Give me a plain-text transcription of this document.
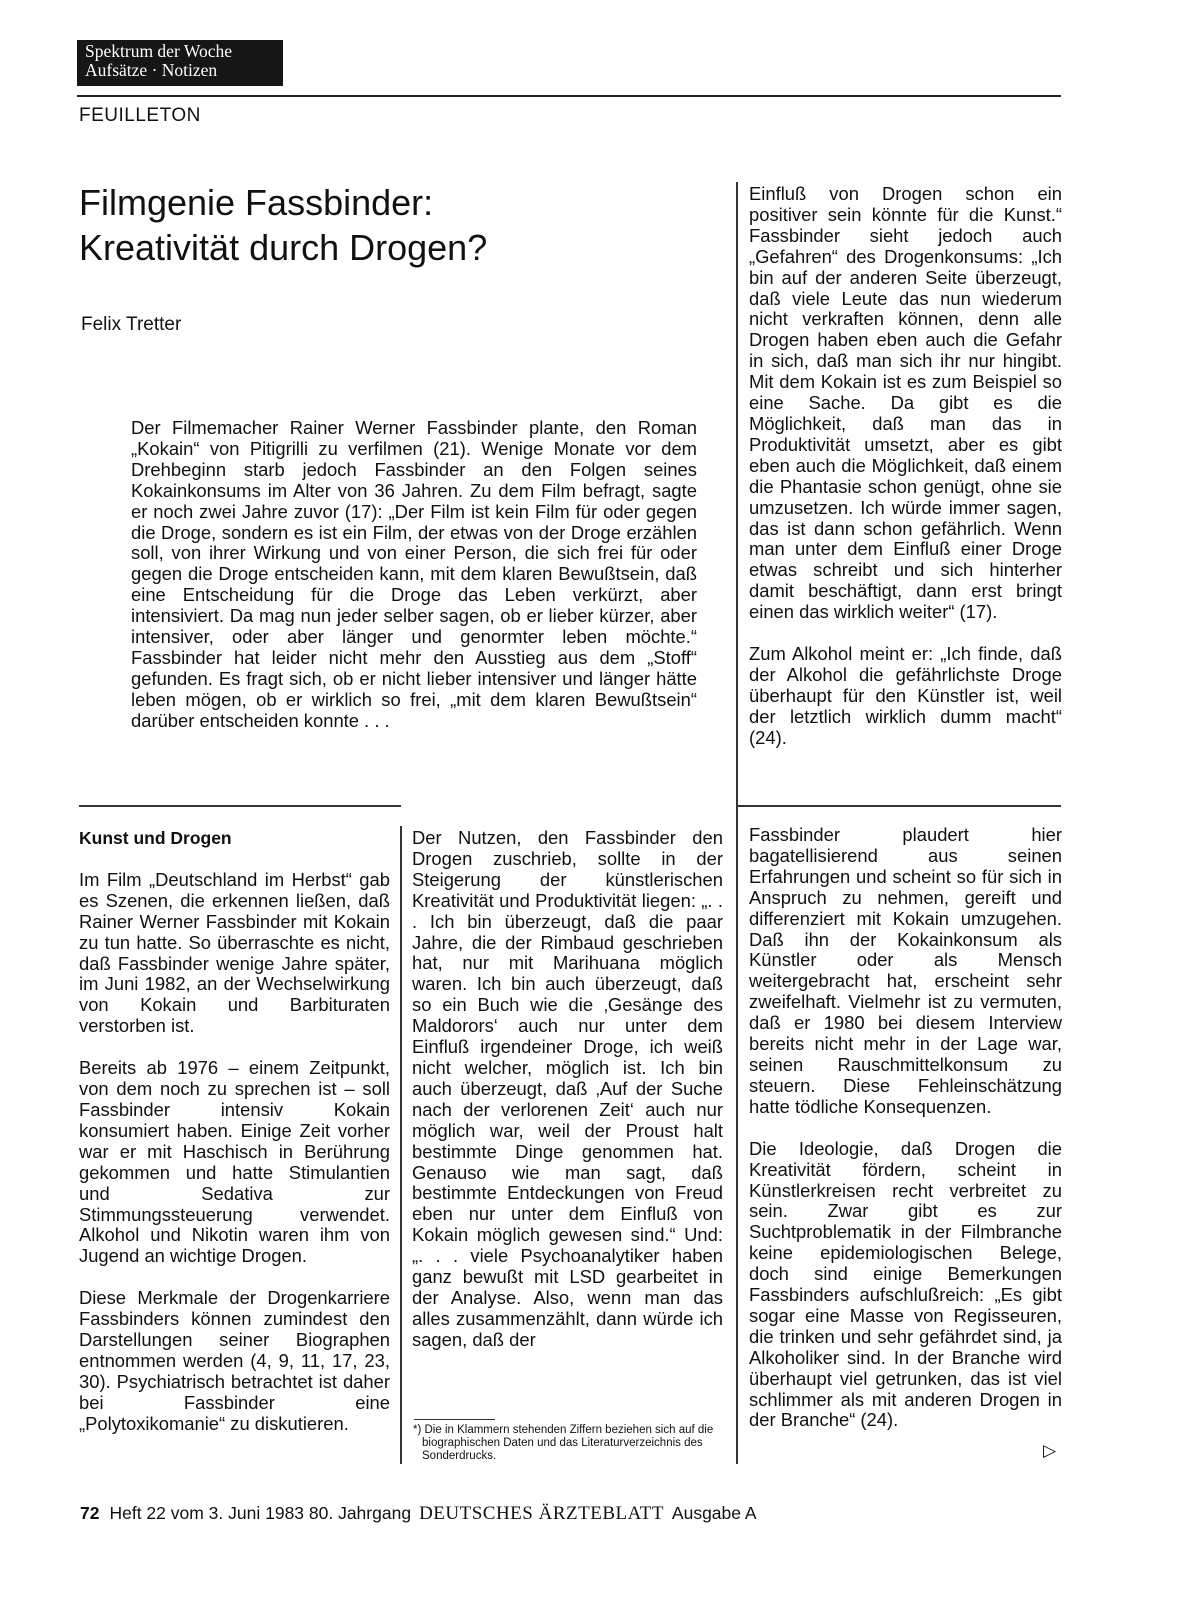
Spektrum der Woche
Aufsätze · Notizen
FEUILLETON
Filmgenie Fassbinder:
Kreativität durch Drogen?
Felix Tretter

Der Filmemacher Rainer Werner Fassbinder plante, den Roman „Kokain“ von Pitigrilli zu verfilmen (21). Wenige Monate vor dem Drehbeginn starb jedoch Fassbinder an den Folgen seines Kokainkonsums im Alter von 36 Jahren. Zu dem Film befragt, sagte er noch zwei Jahre zuvor (17): „Der Film ist kein Film für oder gegen die Droge, sondern es ist ein Film, der etwas von der Droge erzählen soll, von ihrer Wirkung und von einer Person, die sich frei für oder gegen die Droge entscheiden kann, mit dem klaren Bewußtsein, daß eine Entscheidung für die Droge das Leben verkürzt, aber intensiviert. Da mag nun jeder selber sagen, ob er lieber kürzer, aber intensiver, oder aber länger und genormter leben möchte.“ Fassbinder hat leider nicht mehr den Ausstieg aus dem „Stoff“ gefunden. Es fragt sich, ob er nicht lieber intensiver und länger hätte leben mögen, ob er wirklich so frei, „mit dem klaren Bewußtsein“ darüber entscheiden konnte . . .

Kunst und Drogen

Im Film „Deutschland im Herbst“ gab es Szenen, die erkennen ließen, daß Rainer Werner Fassbinder mit Kokain zu tun hatte. So überraschte es nicht, daß Fassbinder wenige Jahre später, im Juni 1982, an der Wechselwirkung von Kokain und Barbituraten verstorben ist.

Bereits ab 1976 – einem Zeitpunkt, von dem noch zu sprechen ist – soll Fassbinder intensiv Kokain konsumiert haben. Einige Zeit vorher war er mit Haschisch in Berührung gekommen und hatte Stimulantien und Sedativa zur Stimmungssteuerung verwendet. Alkohol und Nikotin waren ihm von Jugend an wichtige Drogen.

Diese Merkmale der Drogenkarriere Fassbinders können zumindest den Darstellungen seiner Biographen entnommen werden (4, 9, 11, 17, 23, 30). Psychiatrisch betrachtet ist daher bei Fassbinder eine „Polytoxikomanie“ zu diskutieren.

Der Nutzen, den Fassbinder den Drogen zuschrieb, sollte in der Steigerung der künstlerischen Kreativität und Produktivität liegen: „. . . Ich bin überzeugt, daß die paar Jahre, die der Rimbaud geschrieben hat, nur mit Marihuana möglich waren. Ich bin auch überzeugt, daß so ein Buch wie die ‚Gesänge des Maldorors‘ auch nur unter dem Einfluß irgendeiner Droge, ich weiß nicht welcher, möglich ist. Ich bin auch überzeugt, daß ‚Auf der Suche nach der verlorenen Zeit‘ auch nur möglich war, weil der Proust halt bestimmte Dinge genommen hat. Genauso wie man sagt, daß bestimmte Entdeckungen von Freud eben nur unter dem Einfluß von Kokain möglich gewesen sind.“ Und: „. . . viele Psychoanalytiker haben ganz bewußt mit LSD gearbeitet in der Analyse. Also, wenn man das alles zusammenzählt, dann würde ich sagen, daß der

*) Die in Klammern stehenden Ziffern beziehen sich auf die biographischen Daten und das Literaturverzeichnis des Sonderdrucks.

Einfluß von Drogen schon ein positiver sein könnte für die Kunst.“ Fassbinder sieht jedoch auch „Gefahren“ des Drogenkonsums: „Ich bin auf der anderen Seite überzeugt, daß viele Leute das nun wiederum nicht verkraften können, denn alle Drogen haben eben auch die Gefahr in sich, daß man sich ihr nur hingibt. Mit dem Kokain ist es zum Beispiel so eine Sache. Da gibt es die Möglichkeit, daß man das in Produktivität umsetzt, aber es gibt eben auch die Möglichkeit, daß einem die Phantasie schon genügt, ohne sie umzusetzen. Ich würde immer sagen, das ist dann schon gefährlich. Wenn man unter dem Einfluß einer Droge etwas schreibt und sich hinterher damit beschäftigt, dann erst bringt einen das wirklich weiter“ (17).

Zum Alkohol meint er: „Ich finde, daß der Alkohol die gefährlichste Droge überhaupt für den Künstler ist, weil der letztlich wirklich dumm macht“ (24).

Fassbinder plaudert hier bagatellisierend aus seinen Erfahrungen und scheint so für sich in Anspruch zu nehmen, gereift und differenziert mit Kokain umzugehen. Daß ihn der Kokainkonsum als Künstler oder als Mensch weitergebracht hat, erscheint sehr zweifelhaft. Vielmehr ist zu vermuten, daß er 1980 bei diesem Interview bereits nicht mehr in der Lage war, seinen Rauschmittelkonsum zu steuern. Diese Fehleinschätzung hatte tödliche Konsequenzen.

Die Ideologie, daß Drogen die Kreativität fördern, scheint in Künstlerkreisen recht verbreitet zu sein. Zwar gibt es zur Suchtproblematik in der Filmbranche keine epidemiologischen Belege, doch sind einige Bemerkungen Fassbinders aufschlußreich: „Es gibt sogar eine Masse von Regisseuren, die trinken und sehr gefährdet sind, ja Alkoholiker sind. In der Branche wird überhaupt viel getrunken, das ist viel schlimmer als mit anderen Drogen in der Branche“ (24).

▷
72 Heft 22 vom 3. Juni 1983 80. Jahrgang DEUTSCHES ÄRZTEBLATT Ausgabe A
